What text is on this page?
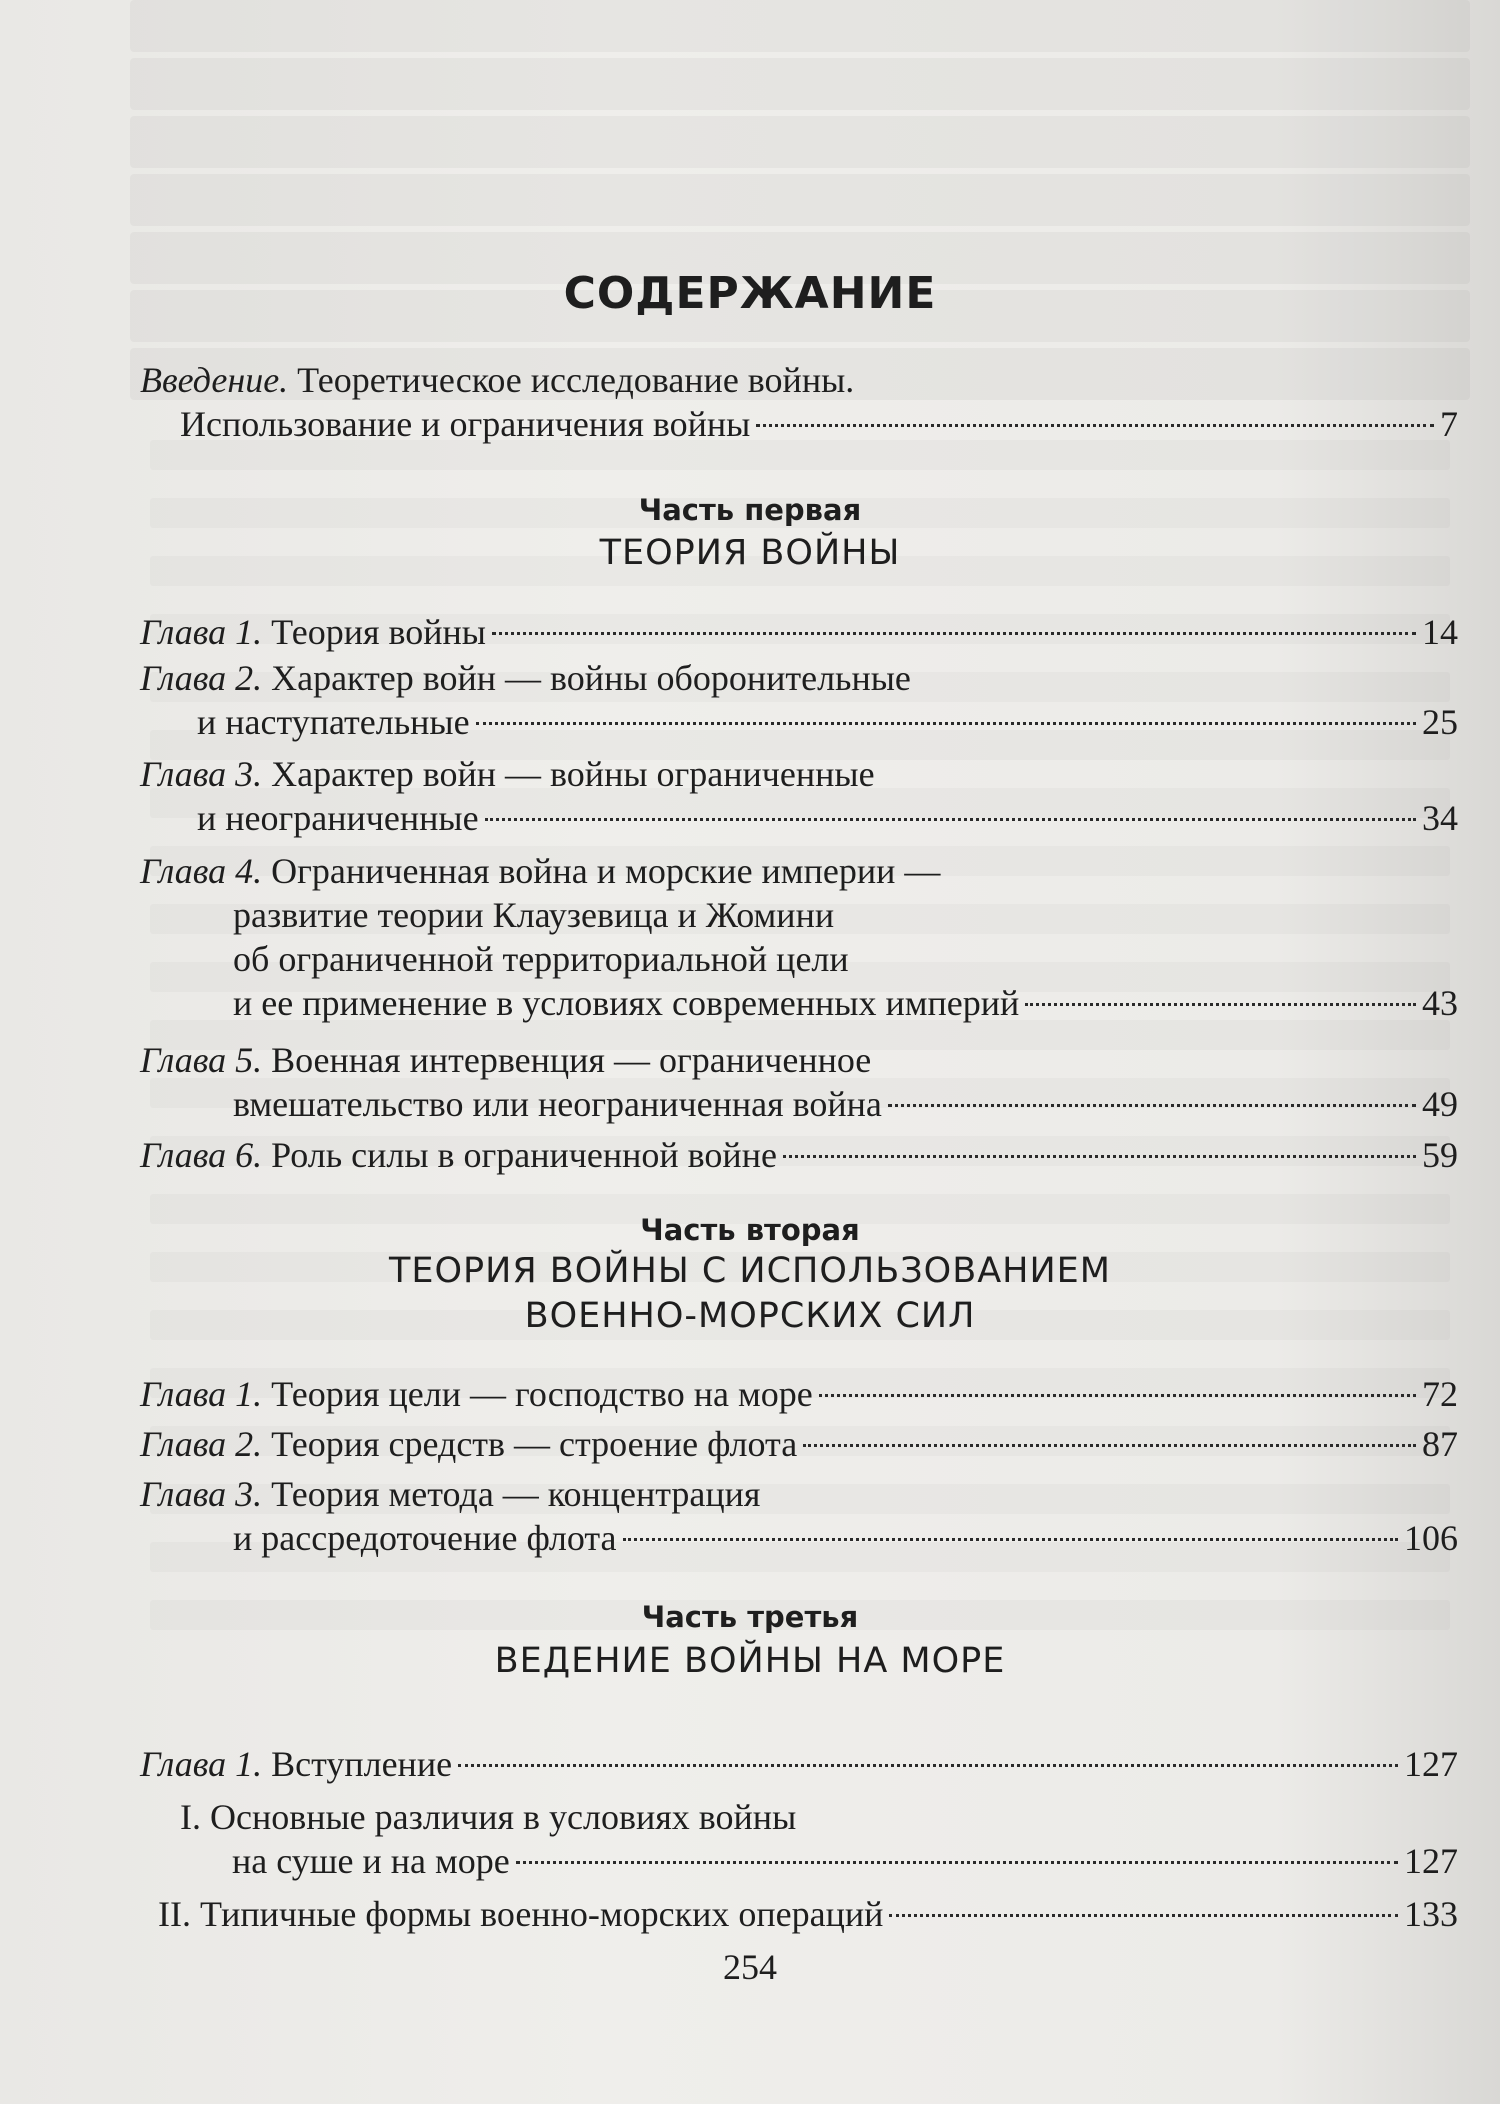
СОДЕРЖАНИЕ
Введение. Теоретическое исследование войны.
Использование и ограничения войны	7
Часть первая
ТЕОРИЯ ВОЙНЫ
Глава
1.
Теория войны	14
Глава
2.
Характер войн — войны оборонительные
и наступательные	25
Глава
3.
Характер войн — войны ограниченные
и неограниченные	34
Глава
4.
Ограниченная война и морские империи —
развитие теории Клаузевица и Жомини
об ограниченной территориальной цели
и ее применение в условиях современных империй	43
Глава
5.
Военная интервенция — ограниченное
вмешательство или неограниченная война	49
Глава
6.
Роль силы в ограниченной войне	59
Часть вторая
ТЕОРИЯ ВОЙНЫ С ИСПОЛЬЗОВАНИЕМ
ВОЕННО-МОРСКИХ СИЛ
Глава
1.
Теория цели — господство на море	72
Глава
2.
Теория средств — строение флота	87
Глава
3.
Теория метода — концентрация
и рассредоточение флота	106
Часть третья
ВЕДЕНИЕ ВОЙНЫ НА МОРЕ
Глава
1.
Вступление	127
I. Основные различия в условиях войны
на суше и на море	127
II. Типичные формы военно-морских операций	133
254
